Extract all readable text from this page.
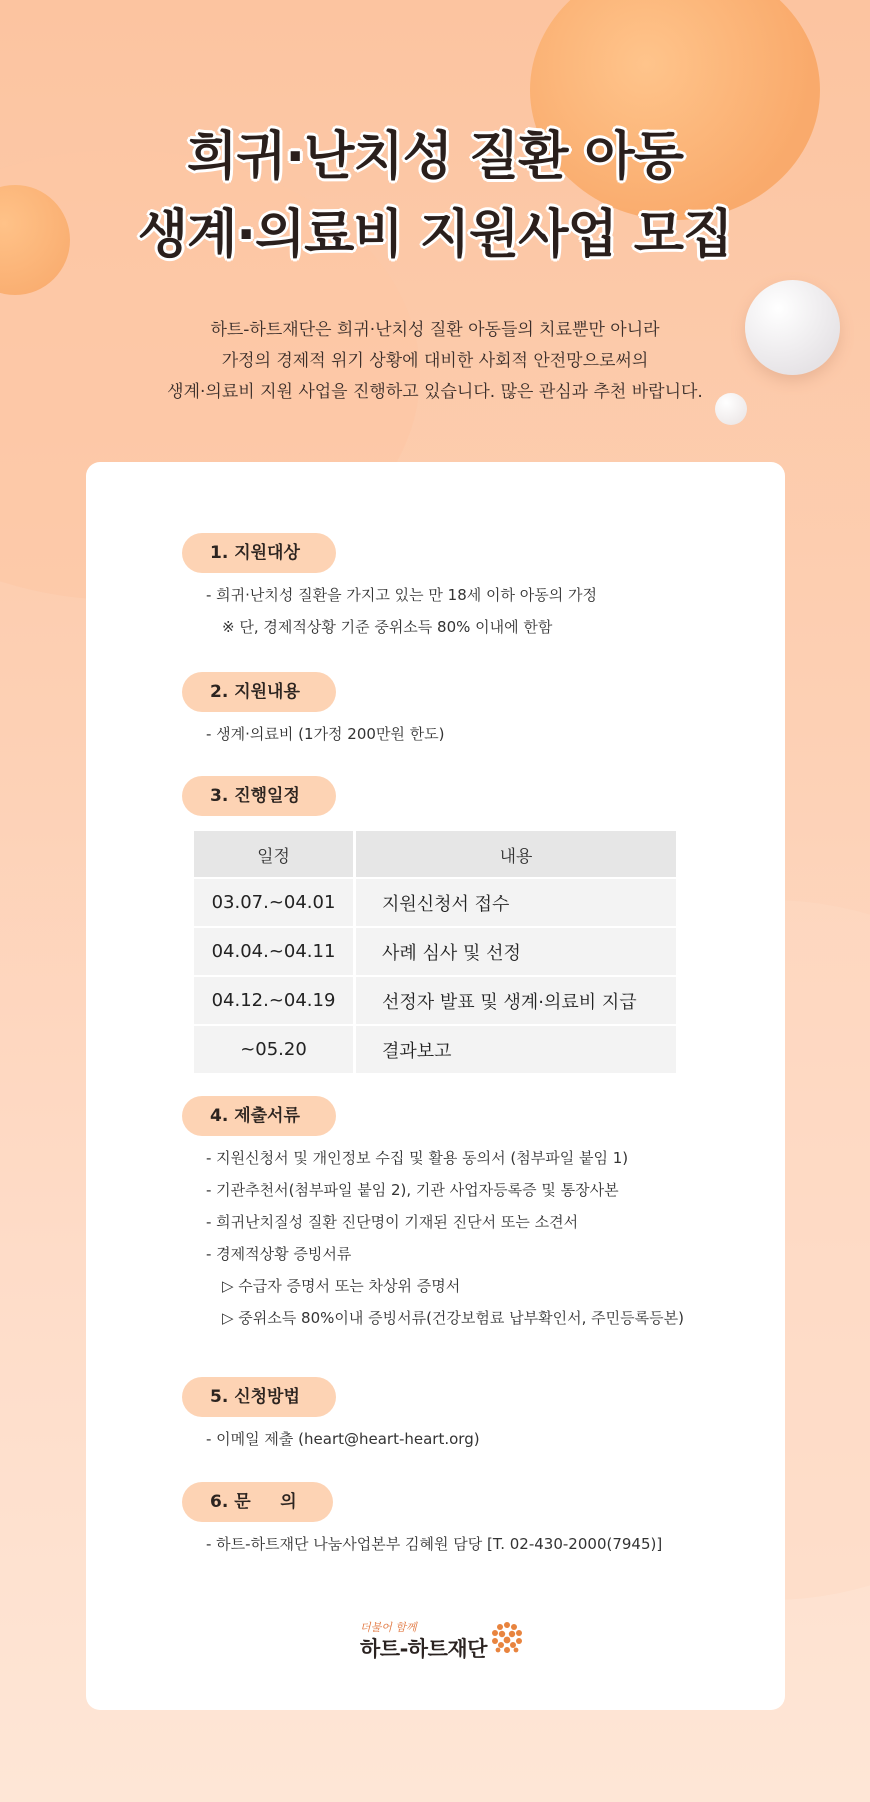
희귀·난치성 질환 아동
생계·의료비 지원사업 모집
하트-하트재단은 희귀·난치성 질환 아동들의 치료뿐만 아니라
가정의 경제적 위기 상황에 대비한 사회적 안전망으로써의
생계·의료비 지원 사업을 진행하고 있습니다. 많은 관심과 추천 바랍니다.
1. 지원대상
- 희귀·난치성 질환을 가지고 있는 만 18세 이하 아동의 가정
※ 단, 경제적상황 기준 중위소득 80% 이내에 한함
2. 지원내용
- 생계·의료비 (1가정 200만원 한도)
3. 진행일정
일정	내용
03.07.~04.01	지원신청서 접수
04.04.~04.11	사례 심사 및 선정
04.12.~04.19	선정자 발표 및 생계·의료비 지급
~05.20	결과보고
4. 제출서류
- 지원신청서 및 개인정보 수집 및 활용 동의서 (첨부파일 붙임 1)
- 기관추천서(첨부파일 붙임 2), 기관 사업자등록증 및 통장사본
- 희귀난치질성 질환 진단명이 기재된 진단서 또는 소견서
- 경제적상황 증빙서류
▷ 수급자 증명서 또는 차상위 증명서
▷ 중위소득 80%이내 증빙서류(건강보험료 납부확인서, 주민등록등본)
5. 신청방법
- 이메일 제출 (heart@heart-heart.org)
6. 문     의
- 하트-하트재단 나눔사업본부 김혜원 담당 [T. 02-430-2000(7945)]
더불어 함께
하트-하트재단
